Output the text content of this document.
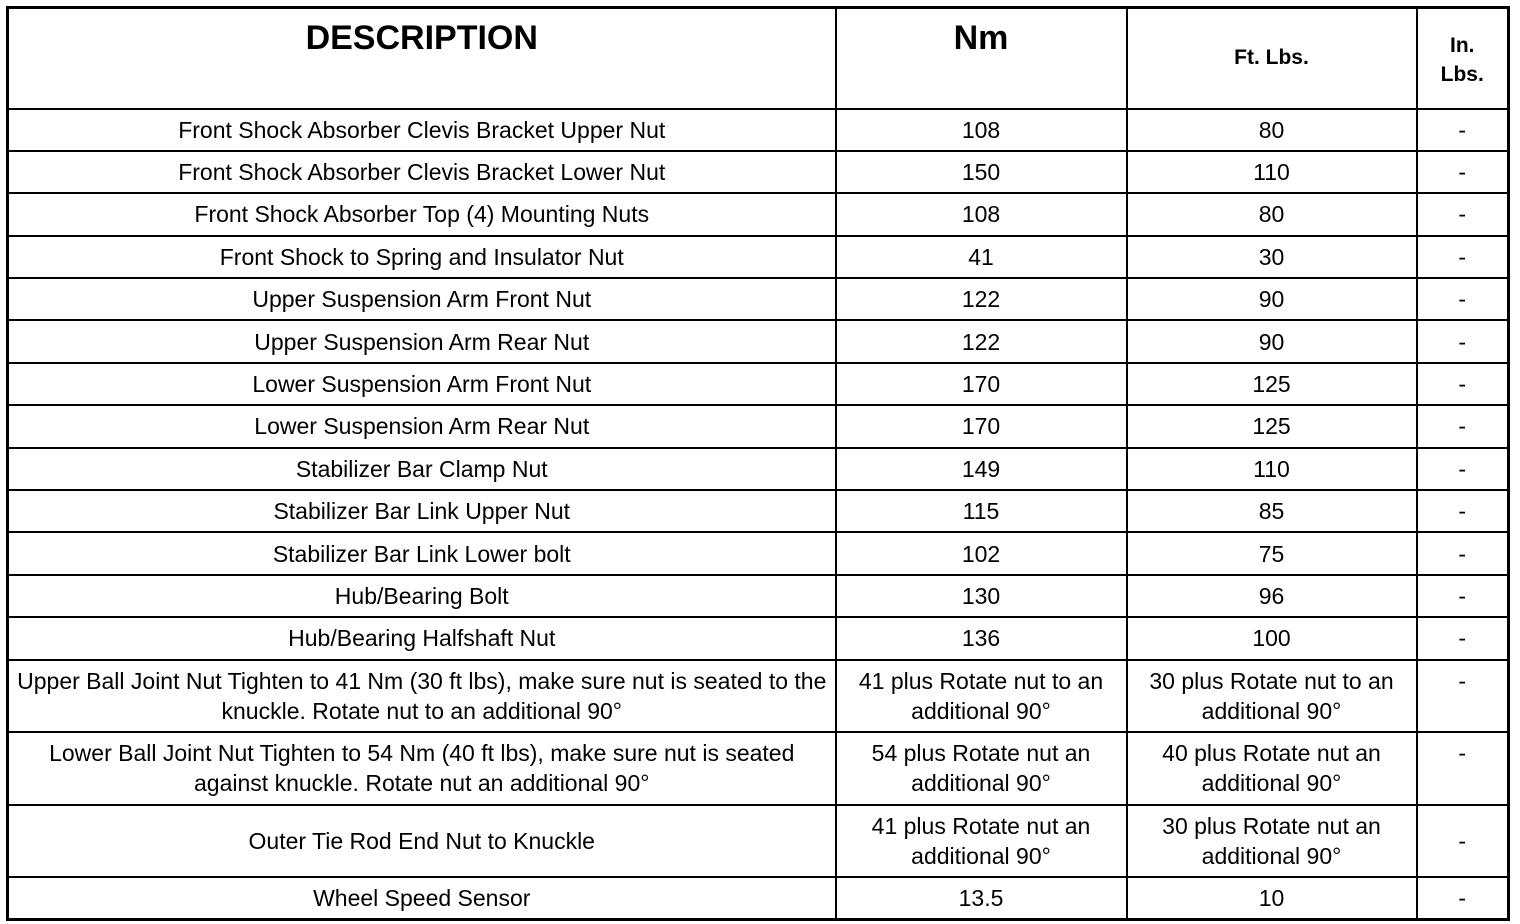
DESCRIPTION	Nm	Ft. Lbs.	In.
Lbs.

Front Shock Absorber Clevis Bracket Upper Nut	108	80	-
Front Shock Absorber Clevis Bracket Lower Nut	150	110	-
Front Shock Absorber Top (4) Mounting Nuts	108	80	-
Front Shock to Spring and Insulator Nut	41	30	-
Upper Suspension Arm Front Nut	122	90	-
Upper Suspension Arm Rear Nut	122	90	-
Lower Suspension Arm Front Nut	170	125	-
Lower Suspension Arm Rear Nut	170	125	-
Stabilizer Bar Clamp Nut	149	110	-
Stabilizer Bar Link Upper Nut	115	85	-
Stabilizer Bar Link Lower bolt	102	75	-
Hub/Bearing Bolt	130	96	-
Hub/Bearing Halfshaft Nut	136	100	-
Upper Ball Joint Nut Tighten to 41 Nm (30 ft lbs), make sure nut is seated to the knuckle. Rotate nut to an additional 90°	41 plus Rotate nut to an additional 90°	30 plus Rotate nut to an additional 90°	-
Lower Ball Joint Nut Tighten to 54 Nm (40 ft lbs), make sure nut is seated against knuckle. Rotate nut an additional 90°	54 plus Rotate nut an additional 90°	40 plus Rotate nut an additional 90°	-
Outer Tie Rod End Nut to Knuckle	41 plus Rotate nut an additional 90°	30 plus Rotate nut an additional 90°	-
Wheel Speed Sensor	13.5	10	-
